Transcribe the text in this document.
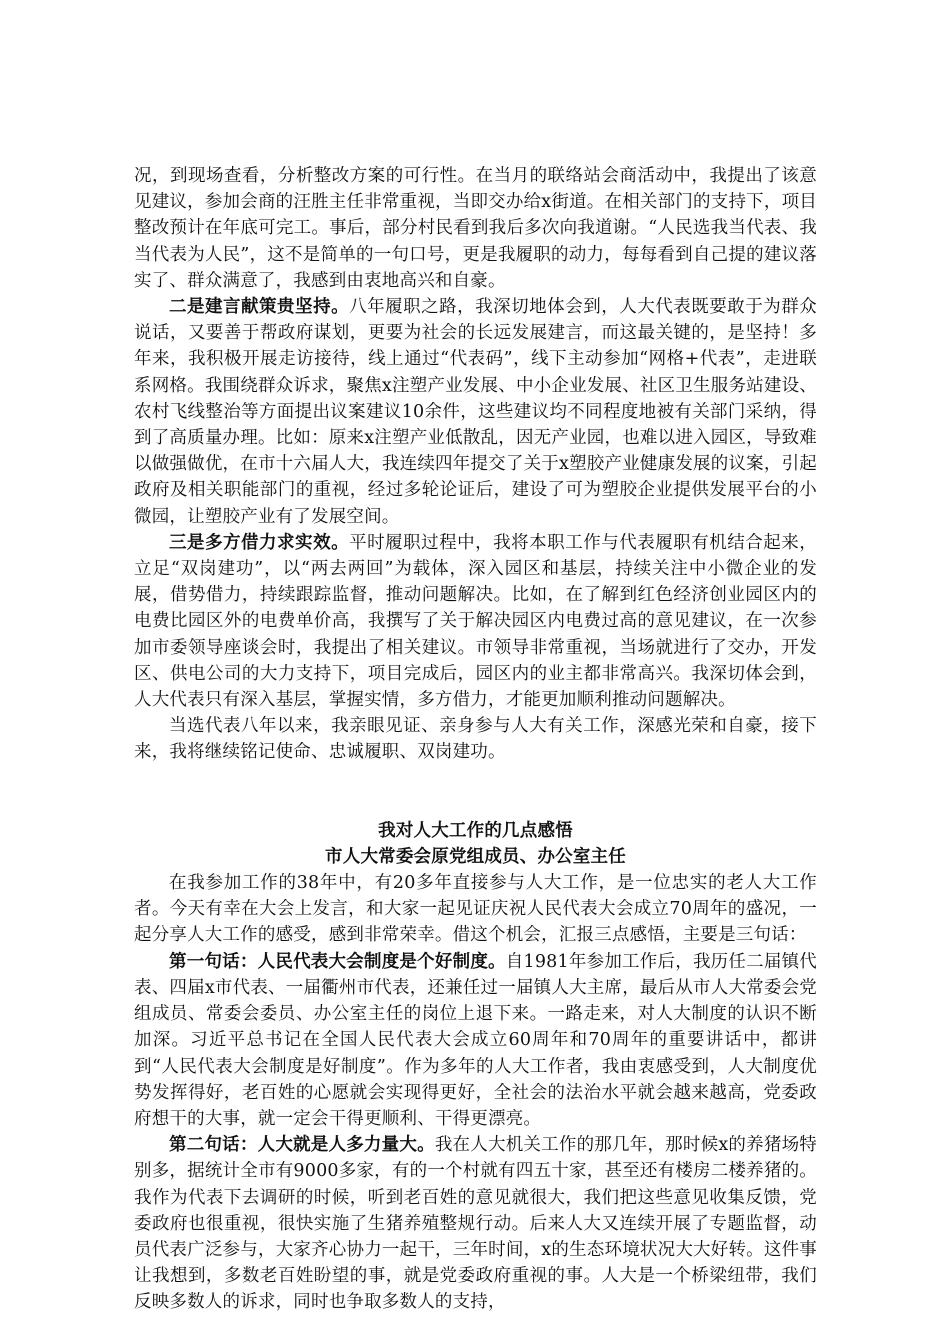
况，到现场查看，分析整改方案的可行性。在当月的联络站会商活动中，我提出了该意见建议，参加会商的汪胜主任非常重视，当即交办给x街道。在相关部门的支持下，项目整改预计在年底可完工。事后，部分村民看到我后多次向我道谢。“人民选我当代表、我当代表为人民”，这不是简单的一句口号，更是我履职的动力，每每看到自己提的建议落实了、群众满意了，我感到由衷地高兴和自豪。

二是建言献策贵坚持。八年履职之路，我深切地体会到，人大代表既要敢于为群众说话，又要善于帮政府谋划，更要为社会的长远发展建言，而这最关键的，是坚持！多年来，我积极开展走访接待，线上通过“代表码”，线下主动参加“网格+代表”，走进联系网格。我围绕群众诉求，聚焦x注塑产业发展、中小企业发展、社区卫生服务站建设、农村飞线整治等方面提出议案建议10余件，这些建议均不同程度地被有关部门采纳，得到了高质量办理。比如：原来x注塑产业低散乱，因无产业园，也难以进入园区，导致难以做强做优，在市十六届人大，我连续四年提交了关于x塑胶产业健康发展的议案，引起政府及相关职能部门的重视，经过多轮论证后，建设了可为塑胶企业提供发展平台的小微园，让塑胶产业有了发展空间。

三是多方借力求实效。平时履职过程中，我将本职工作与代表履职有机结合起来，立足“双岗建功”，以“两去两回”为载体，深入园区和基层，持续关注中小微企业的发展，借势借力，持续跟踪监督，推动问题解决。比如，在了解到红色经济创业园区内的电费比园区外的电费单价高，我撰写了关于解决园区内电费过高的意见建议，在一次参加市委领导座谈会时，我提出了相关建议。市领导非常重视，当场就进行了交办，开发区、供电公司的大力支持下，项目完成后，园区内的业主都非常高兴。我深切体会到，人大代表只有深入基层，掌握实情，多方借力，才能更加顺利推动问题解决。

当选代表八年以来，我亲眼见证、亲身参与人大有关工作，深感光荣和自豪，接下来，我将继续铭记使命、忠诚履职、双岗建功。

我对人大工作的几点感悟

市人大常委会原党组成员、办公室主任

在我参加工作的38年中，有20多年直接参与人大工作，是一位忠实的老人大工作者。今天有幸在大会上发言，和大家一起见证庆祝人民代表大会成立70周年的盛况，一起分享人大工作的感受，感到非常荣幸。借这个机会，汇报三点感悟，主要是三句话：

第一句话：人民代表大会制度是个好制度。自1981年参加工作后，我历任二届镇代表、四届x市代表、一届衢州市代表，还兼任过一届镇人大主席，最后从市人大常委会党组成员、常委会委员、办公室主任的岗位上退下来。一路走来，对人大制度的认识不断加深。习近平总书记在全国人民代表大会成立60周年和70周年的重要讲话中，都讲到“人民代表大会制度是好制度”。作为多年的人大工作者，我由衷感受到，人大制度优势发挥得好，老百姓的心愿就会实现得更好，全社会的法治水平就会越来越高，党委政府想干的大事，就一定会干得更顺利、干得更漂亮。

第二句话：人大就是人多力量大。我在人大机关工作的那几年，那时候x的养猪场特别多，据统计全市有9000多家，有的一个村就有四五十家，甚至还有楼房二楼养猪的。我作为代表下去调研的时候，听到老百姓的意见就很大，我们把这些意见收集反馈，党委政府也很重视，很快实施了生猪养殖整规行动。后来人大又连续开展了专题监督，动员代表广泛参与，大家齐心协力一起干，三年时间，x的生态环境状况大大好转。这件事让我想到，多数老百姓盼望的事，就是党委政府重视的事。人大是一个桥梁纽带，我们反映多数人的诉求，同时也争取多数人的支持，
